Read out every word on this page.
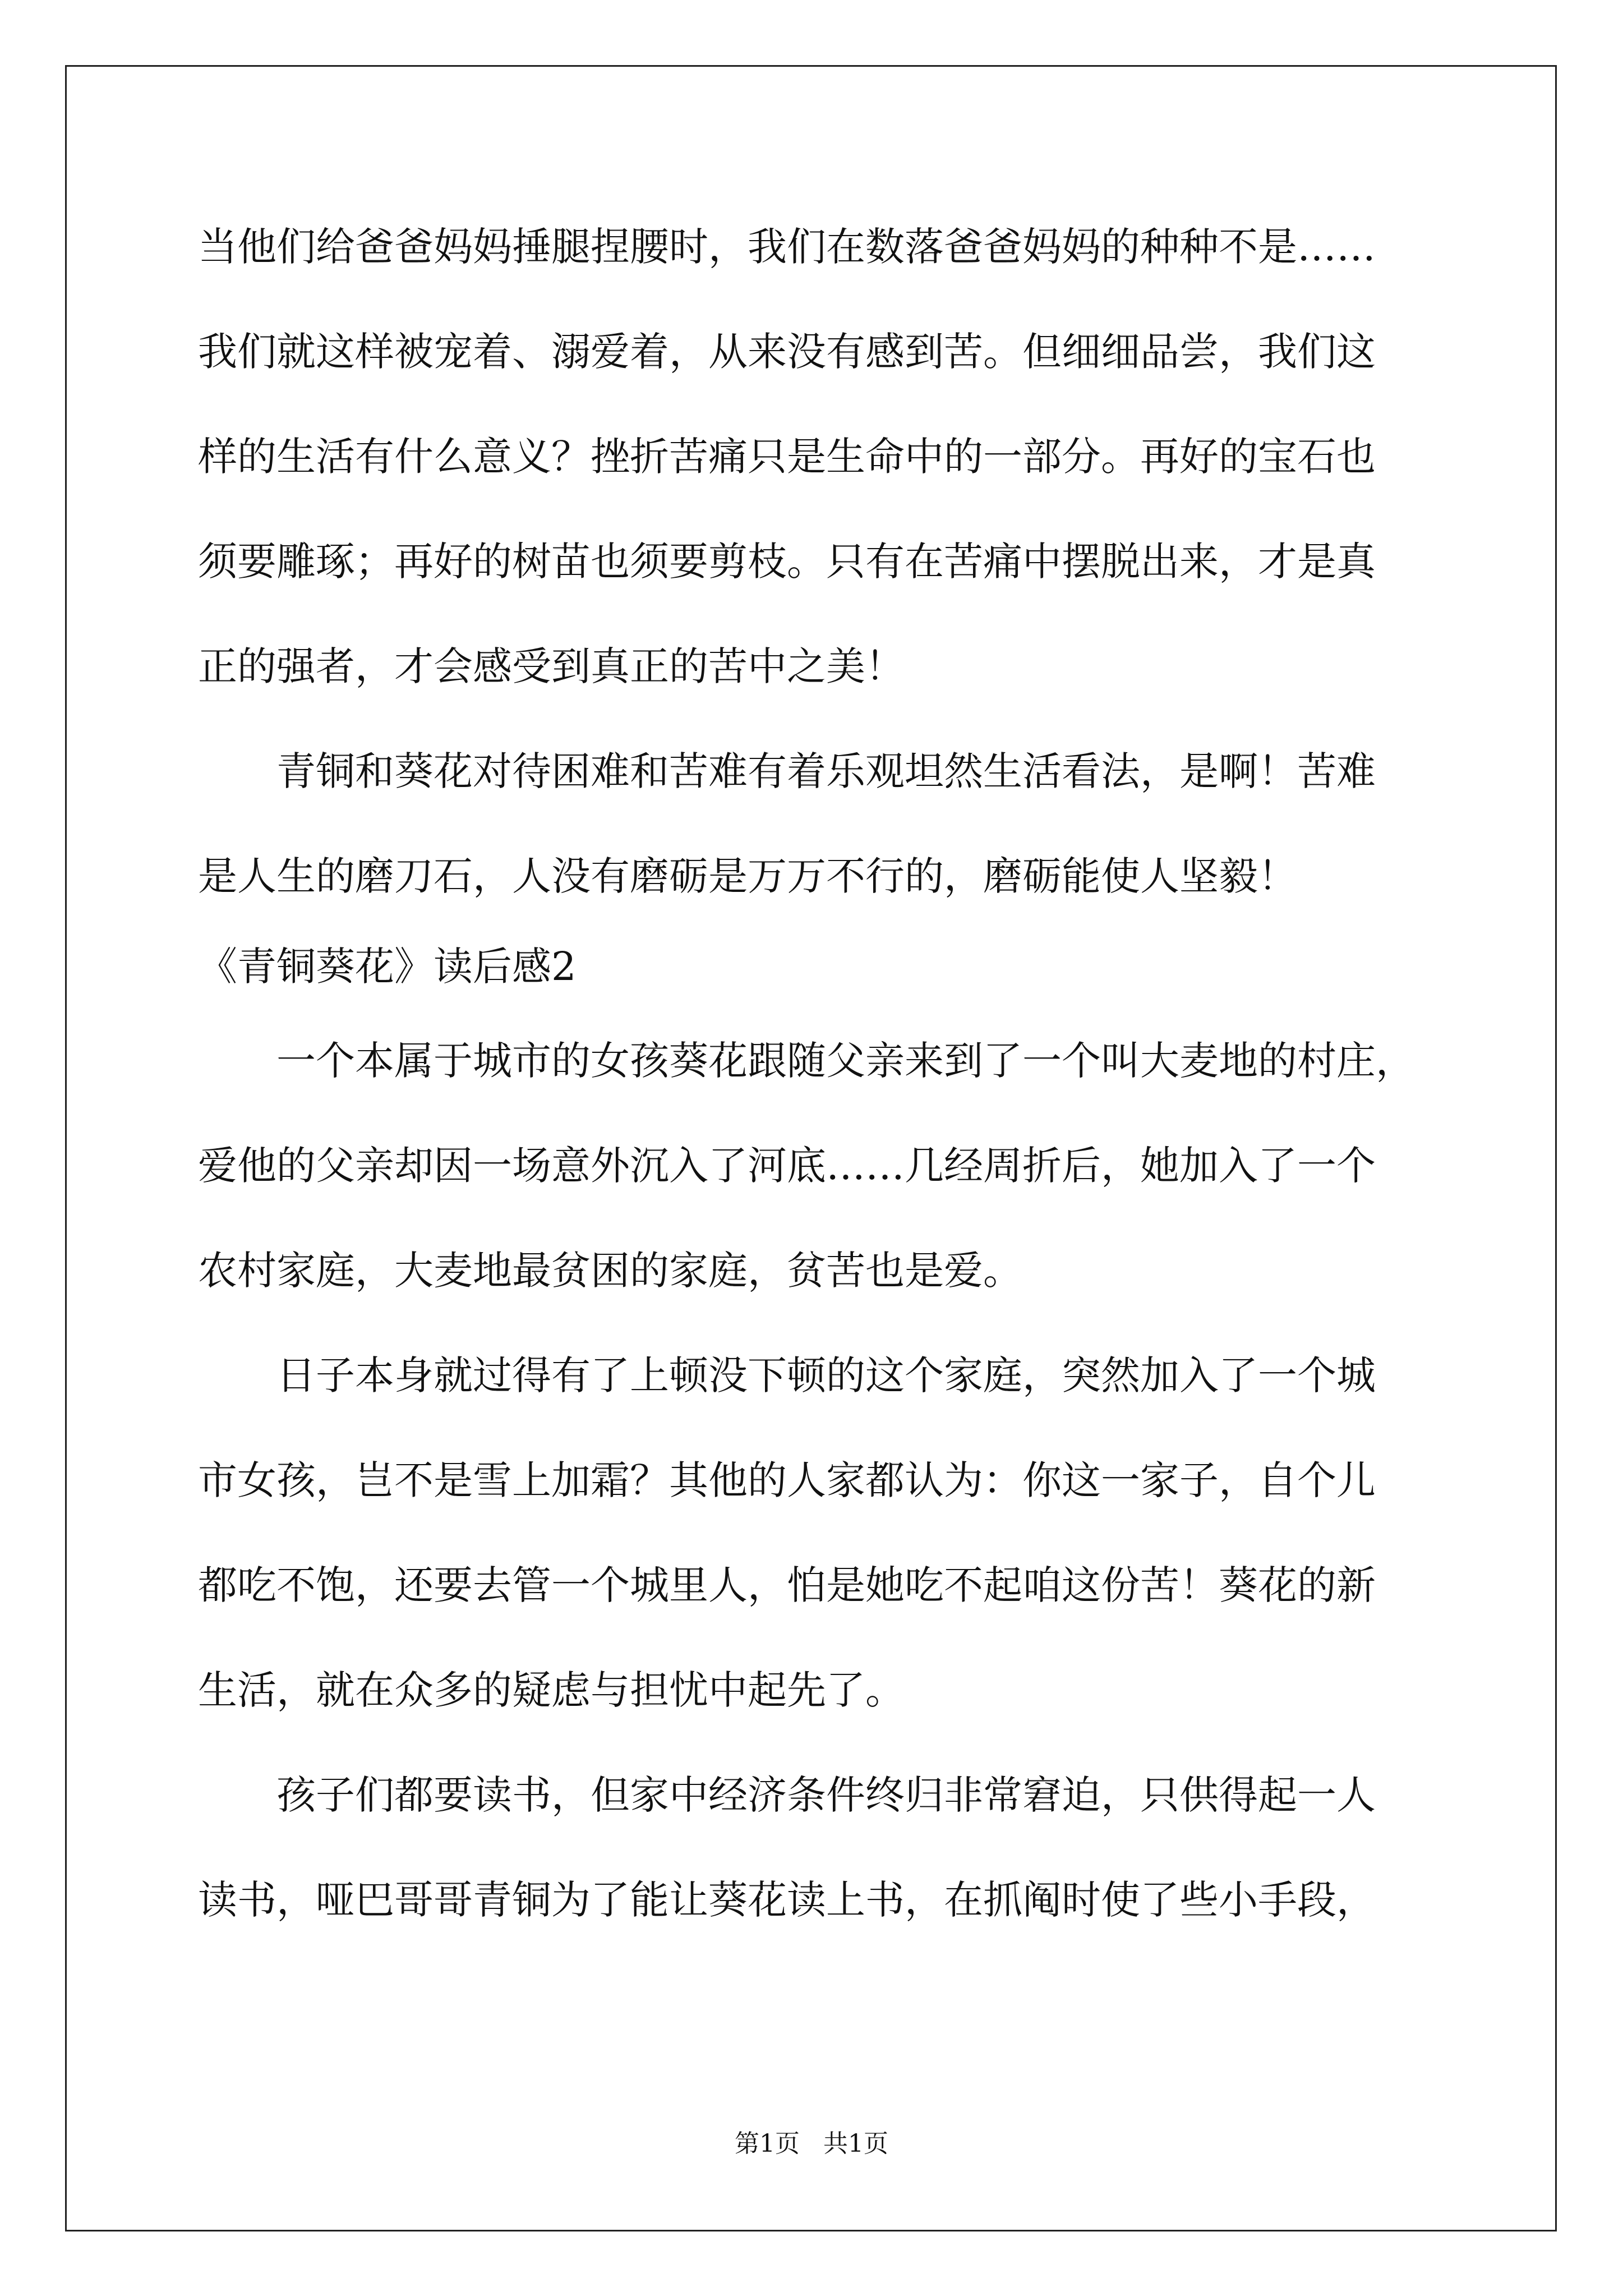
当他们给爸爸妈妈捶腿捏腰时，我们在数落爸爸妈妈的种种不是……
我们就这样被宠着、溺爱着，从来没有感到苦。但细细品尝，我们这
样的生活有什么意义？挫折苦痛只是生命中的一部分。再好的宝石也
须要雕琢；再好的树苗也须要剪枝。只有在苦痛中摆脱出来，才是真
正的强者，才会感受到真正的苦中之美！
　　青铜和葵花对待困难和苦难有着乐观坦然生活看法，是啊！苦难
是人生的磨刀石，人没有磨砺是万万不行的，磨砺能使人坚毅！
《青铜葵花》读后感2
　　一个本属于城市的女孩葵花跟随父亲来到了一个叫大麦地的村庄，
爱他的父亲却因一场意外沉入了河底……几经周折后，她加入了一个
农村家庭，大麦地最贫困的家庭，贫苦也是爱。
　　日子本身就过得有了上顿没下顿的这个家庭，突然加入了一个城
市女孩，岂不是雪上加霜？其他的人家都认为：你这一家子，自个儿
都吃不饱，还要去管一个城里人，怕是她吃不起咱这份苦！葵花的新
生活，就在众多的疑虑与担忧中起先了。
　　孩子们都要读书，但家中经济条件终归非常窘迫，只供得起一人
读书，哑巴哥哥青铜为了能让葵花读上书，在抓阄时使了些小手段，
第1页 共1页
